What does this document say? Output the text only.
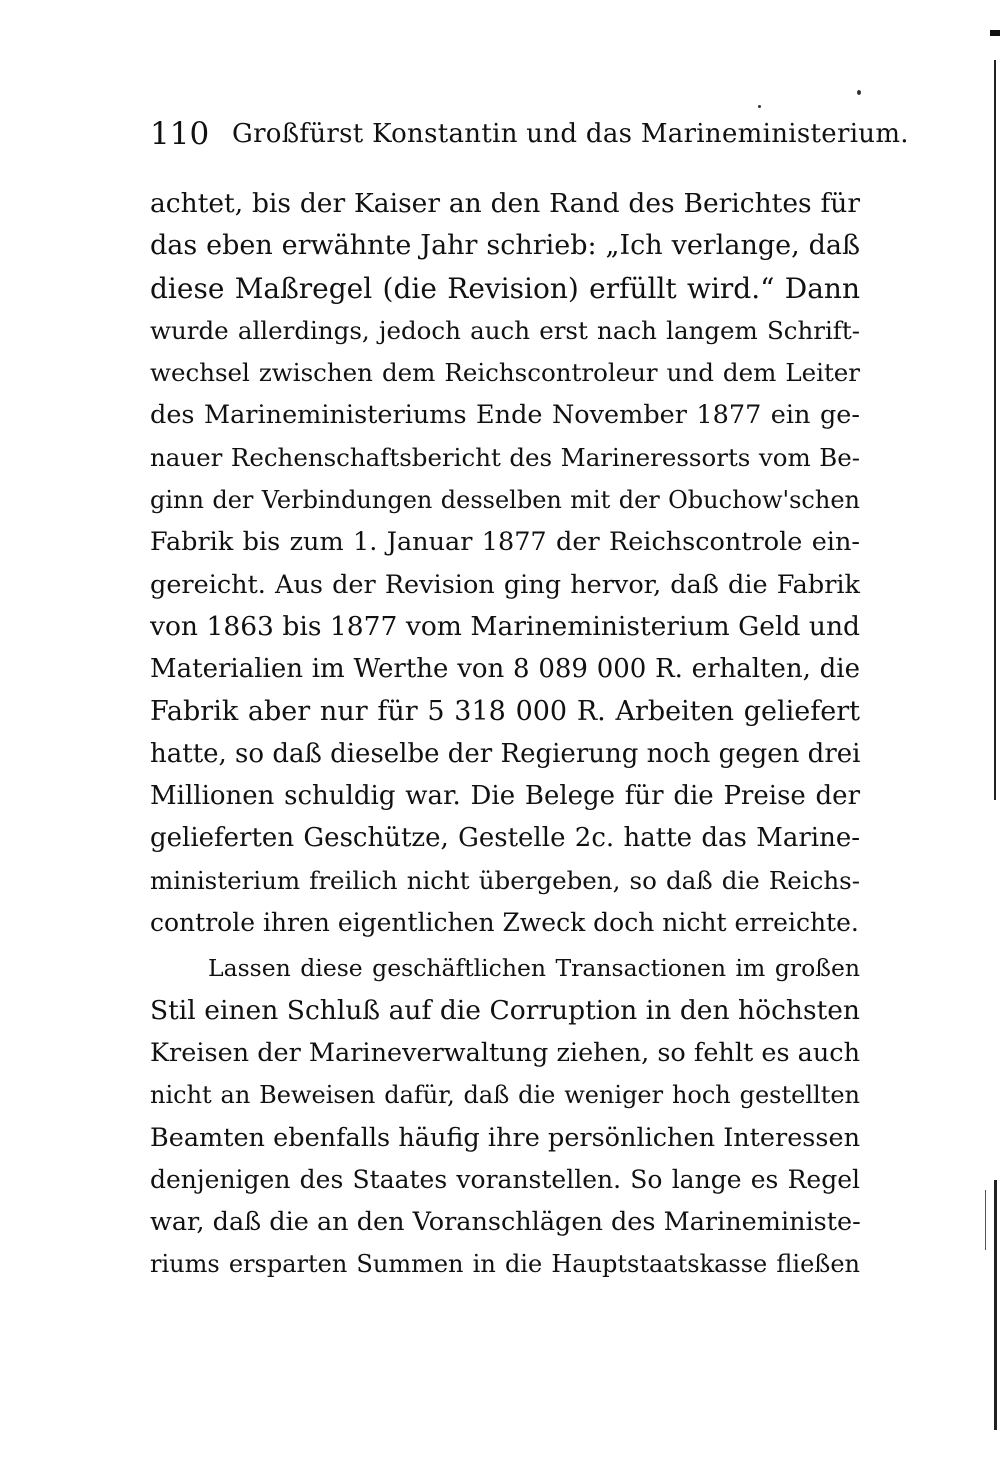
110 Großfürst Konstantin und das Marineministerium.
achtet, bis der Kaiser an den Rand des Berichtes für
das eben erwähnte Jahr schrieb: „Ich verlange, daß
diese Maßregel (die Revision) erfüllt wird.“ Dann
wurde allerdings, jedoch auch erst nach langem Schrift-
wechsel zwischen dem Reichscontroleur und dem Leiter
des Marineministeriums Ende November 1877 ein ge-
nauer Rechenschaftsbericht des Marineressorts vom Be-
ginn der Verbindungen desselben mit der Obuchow'schen
Fabrik bis zum 1. Januar 1877 der Reichscontrole ein-
gereicht. Aus der Revision ging hervor, daß die Fabrik
von 1863 bis 1877 vom Marineministerium Geld und
Materialien im Werthe von 8 089 000 R. erhalten, die
Fabrik aber nur für 5 318 000 R. Arbeiten geliefert
hatte, so daß dieselbe der Regierung noch gegen drei
Millionen schuldig war. Die Belege für die Preise der
gelieferten Geschütze, Gestelle 2c. hatte das Marine-
ministerium freilich nicht übergeben, so daß die Reichs-
controle ihren eigentlichen Zweck doch nicht erreichte.
Lassen diese geschäftlichen Transactionen im großen
Stil einen Schluß auf die Corruption in den höchsten
Kreisen der Marineverwaltung ziehen, so fehlt es auch
nicht an Beweisen dafür, daß die weniger hoch gestellten
Beamten ebenfalls häufig ihre persönlichen Interessen
denjenigen des Staates voranstellen. So lange es Regel
war, daß die an den Voranschlägen des Marineministe-
riums ersparten Summen in die Hauptstaatskasse fließen
